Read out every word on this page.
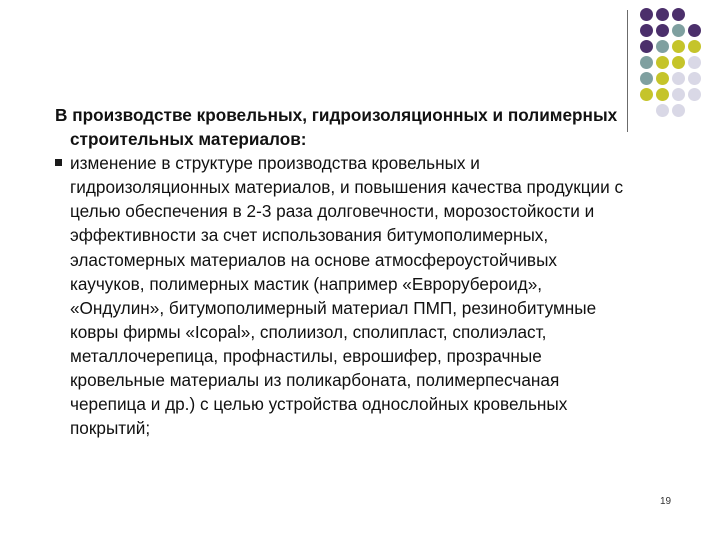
В производстве кровельных, гидроизоляционных и полимерных строительных материалов:

изменение в структуре производства кровельных и гидроизоляционных материалов, и повышения качества продукции с целью обеспечения в 2-3 раза долговечности, морозостойкости и эффективности за счет использования битумополимерных, эластомерных материалов на основе атмосфероустойчивых каучуков, полимерных мастик (например «Еврорубероид», «Ондулин», битумополимерный материал ПМП, резинобитумные ковры фирмы «Icopal», сполиизол, сполипласт, сполиэласт, металлочерепица, профнастилы, еврошифер, прозрачные кровельные материалы из поликарбоната, полимерпесчаная черепица и др.) с целью устройства однослойных кровельных покрытий;

19
